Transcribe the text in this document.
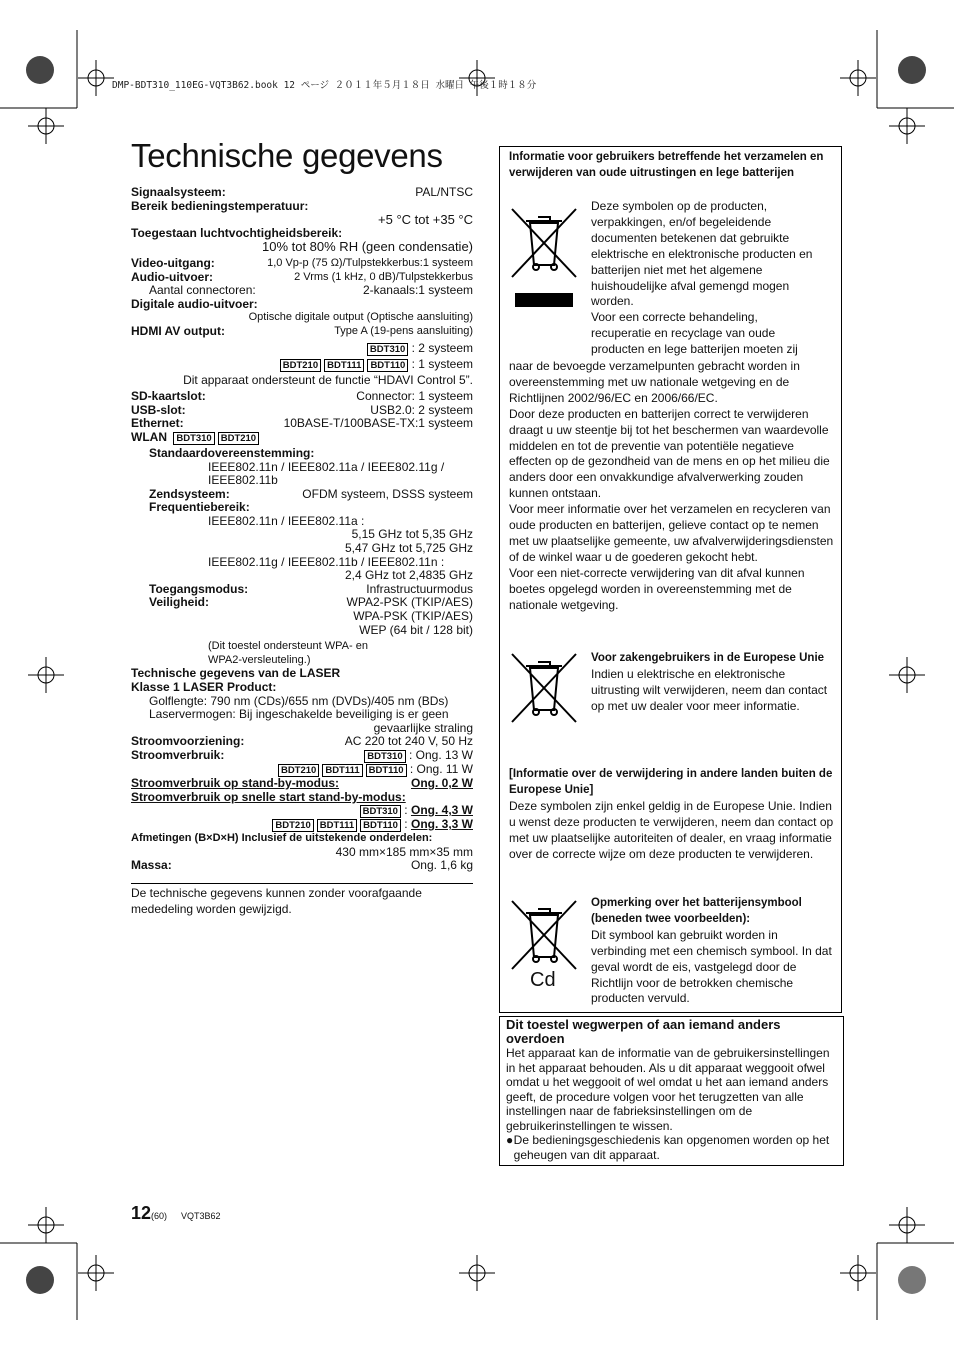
DMP-BDT310_110EG-VQT3B62.book 12 ページ ２０１１年５月１８日 水曜日 午後１時１８分
Technische gegevens
Signaalsysteem:	PAL/NTSC
Bereik bedieningstemperatuur:
+5 °C tot +35 °C
Toegestaan luchtvochtigheidsbereik:
10% tot 80% RH (geen condensatie)
Video-uitgang:	1,0 Vp-p (75 Ω)/Tulpstekkerbus:1 systeem
Audio-uitvoer:	2 Vrms (1 kHz, 0 dB)/Tulpstekkerbus
Aantal connectoren:	2-kanaals:1 systeem
Digitale audio-uitvoer:
Optische digitale output (Optische aansluiting)
HDMI AV output:	Type A (19-pens aansluiting)
BDT310 : 2 systeem
BDT210 BDT111 BDT110 : 1 systeem
Dit apparaat ondersteunt de functie “HDAVI Control 5”.
SD-kaartslot:	Connector: 1 systeem
USB-slot:	USB2.0: 2 systeem
Ethernet:	10BASE-T/100BASE-TX:1 systeem
WLAN BDT310 BDT210
Standaardovereenstemming:
IEEE802.11n / IEEE802.11a / IEEE802.11g / IEEE802.11b
Zendsysteem:	OFDM systeem, DSSS systeem
Frequentiebereik:
IEEE802.11n / IEEE802.11a :
5,15 GHz tot 5,35 GHz
5,47 GHz tot 5,725 GHz
IEEE802.11g / IEEE802.11b / IEEE802.11n :
2,4 GHz tot 2,4835 GHz
Toegangsmodus:	Infrastructuurmodus
Veiligheid:	WPA2-PSK (TKIP/AES)
WPA-PSK (TKIP/AES)
WEP (64 bit / 128 bit)
(Dit toestel ondersteunt WPA- en WPA2-versleuteling.)
Technische gegevens van de LASER
Klasse 1 LASER Product:
Golflengte: 790 nm (CDs)/655 nm (DVDs)/405 nm (BDs)
Laservermogen: Bij ingeschakelde beveiliging is er geen
gevaarlijke straling
Stroomvoorziening:	AC 220 tot 240 V, 50 Hz
Stroomverbruik:	BDT310 : Ong. 13 W
BDT210 BDT111 BDT110 : Ong. 11 W
Stroomverbruik op stand-by-modus:	Ong. 0,2 W
Stroomverbruik op snelle start stand-by-modus:
BDT310 : Ong. 4,3 W
BDT210 BDT111 BDT110 : Ong. 3,3 W
Afmetingen (B×D×H) Inclusief de uitstekende onderdelen:
430 mm×185 mm×35 mm
Massa:	Ong. 1,6 kg
De technische gegevens kunnen zonder voorafgaande mededeling worden gewijzigd.
Informatie voor gebruikers betreffende het verzamelen en verwijderen van oude uitrustingen en lege batterijen
Deze symbolen op de producten,
verpakkingen, en/of begeleidende
documenten betekenen dat gebruikte
elektrische en elektronische producten en
batterijen niet met het algemene
huishoudelijke afval gemengd mogen
worden.
Voor een correcte behandeling,
recuperatie en recyclage van oude
producten en lege batterijen moeten zij
naar de bevoegde verzamelpunten gebracht worden in overeenstemming met uw nationale wetgeving en de Richtlijnen 2002/96/EC en 2006/66/EC.
Door deze producten en batterijen correct te verwijderen draagt u uw steentje bij tot het beschermen van waardevolle middelen en tot de preventie van potentiële negatieve effecten op de gezondheid van de mens en op het milieu die anders door een onvakkundige afvalverwerking zouden kunnen ontstaan.
Voor meer informatie over het verzamelen en recycleren van oude producten en batterijen, gelieve contact op te nemen met uw plaatselijke gemeente, uw afvalverwijderingsdiensten of de winkel waar u de goederen gekocht hebt.
Voor een niet-correcte verwijdering van dit afval kunnen boetes opgelegd worden in overeenstemming met de nationale wetgeving.
Voor zakengebruikers in de Europese Unie
Indien u elektrische en elektronische uitrusting wilt verwijderen, neem dan contact op met uw dealer voor meer informatie.
[Informatie over de verwijdering in andere landen buiten de Europese Unie]
Deze symbolen zijn enkel geldig in de Europese Unie. Indien u wenst deze producten te verwijderen, neem dan contact op met uw plaatselijke autoriteiten of dealer, en vraag informatie over de correcte wijze om deze producten te verwijderen.
Cd
Opmerking over het batterijensymbool (beneden twee voorbeelden):
Dit symbool kan gebruikt worden in verbinding met een chemisch symbool. In dat geval wordt de eis, vastgelegd door de Richtlijn voor de betrokken chemische producten vervuld.
Dit toestel wegwerpen of aan iemand anders overdoen
Het apparaat kan de informatie van de gebruikersinstellingen in het apparaat behouden. Als u dit apparaat weggooit ofwel omdat u het weggooit of wel omdat u het aan iemand anders geeft, de procedure volgen voor het terugzetten van alle instellingen naar de fabrieksinstellingen om de gebruikerinstellingen te wissen.
● De bedieningsgeschiedenis kan opgenomen worden op het geheugen van dit apparaat.
12(60) VQT3B62
